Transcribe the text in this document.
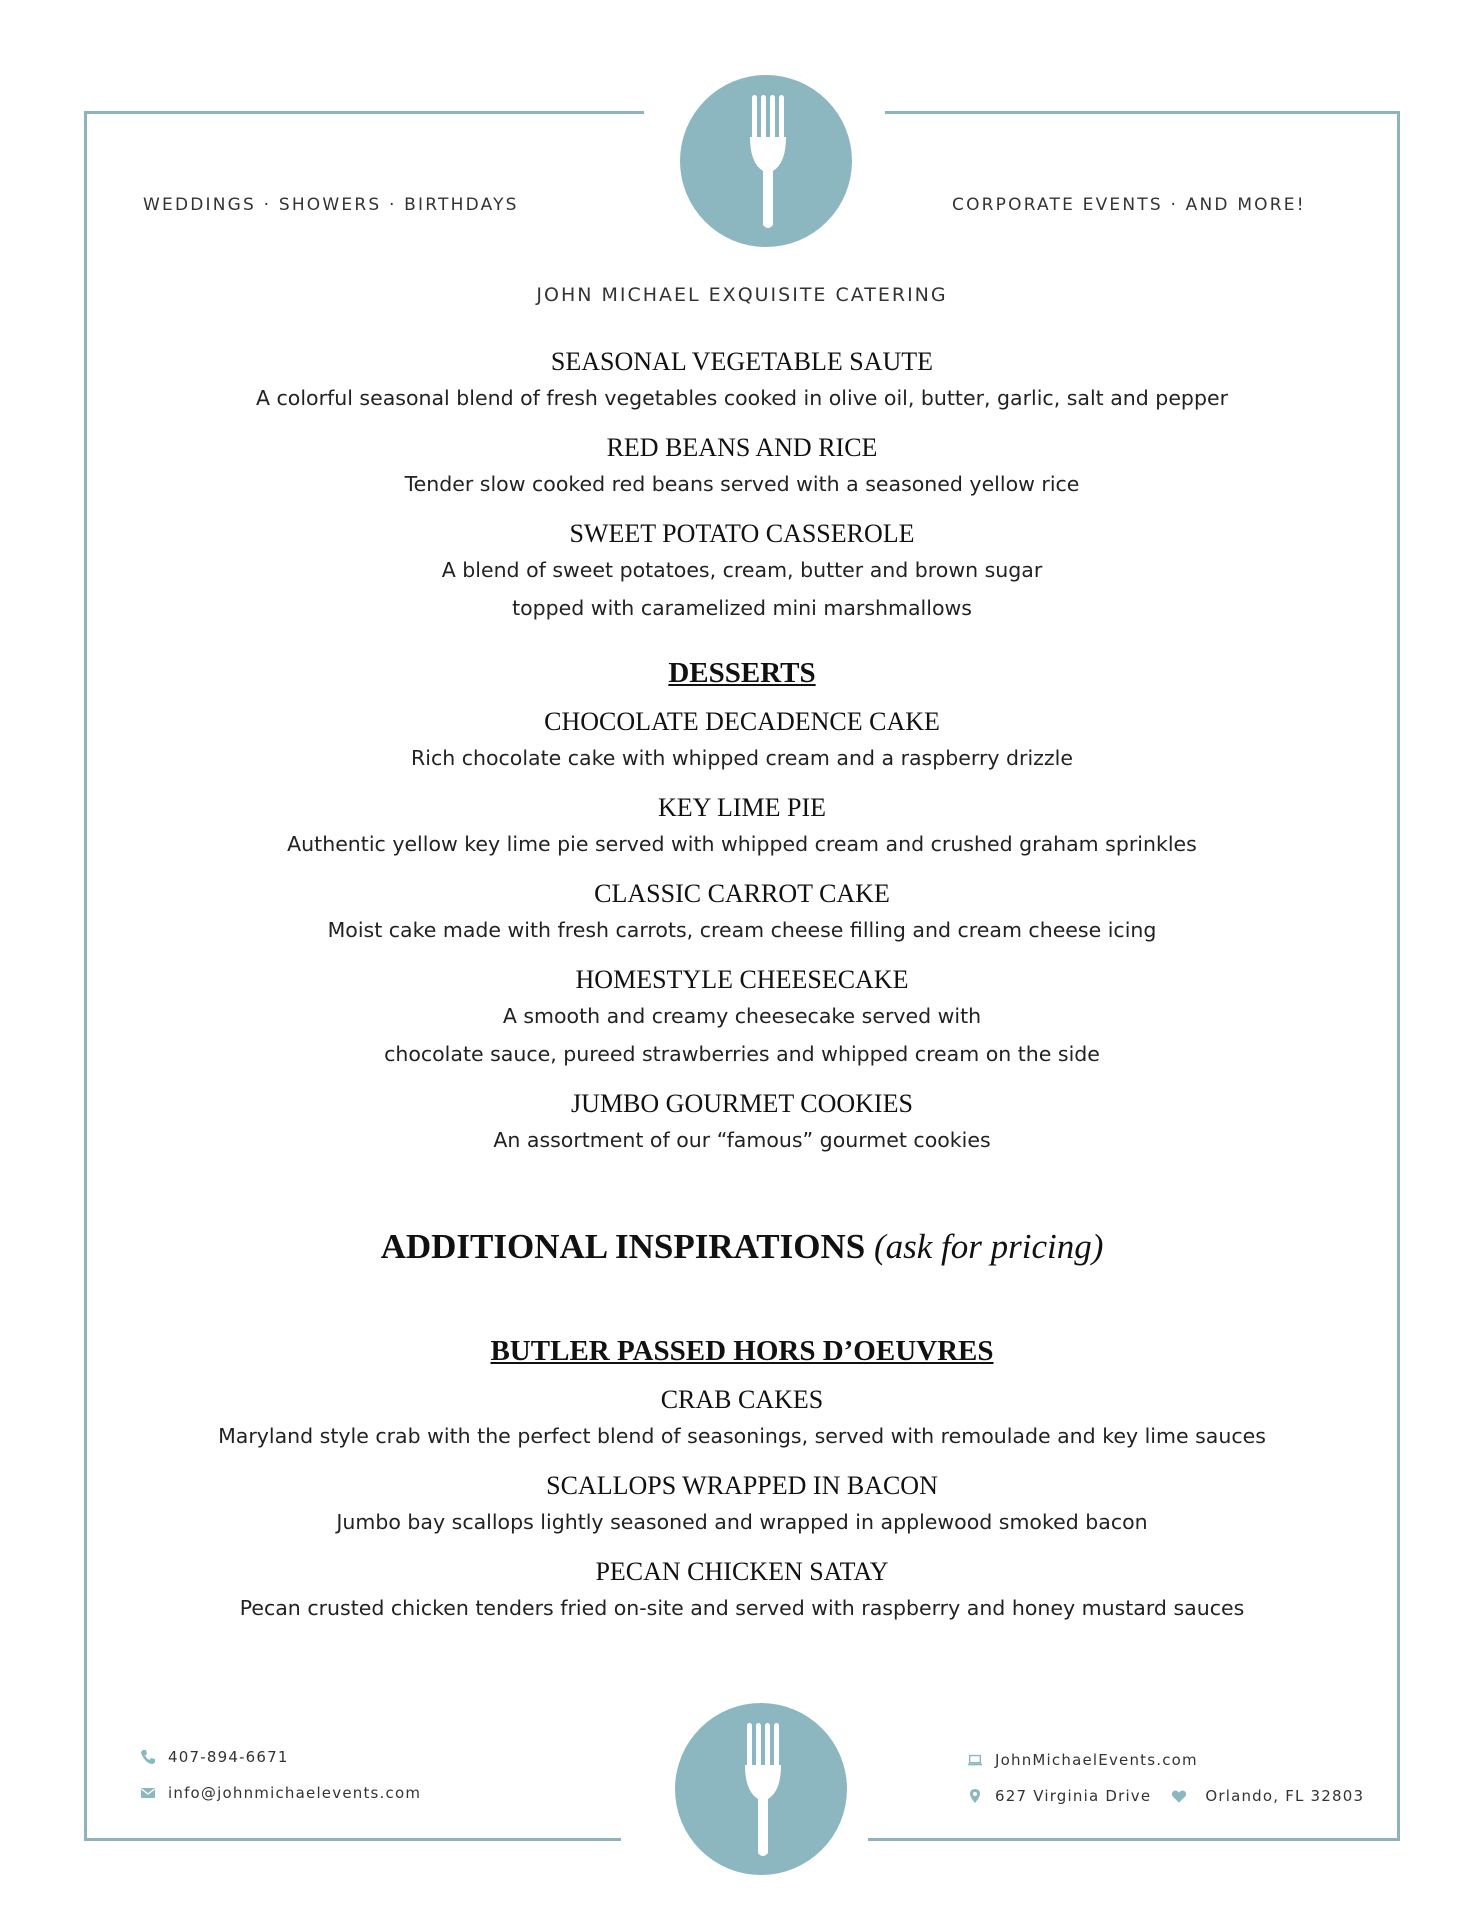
WEDDINGS · SHOWERS · BIRTHDAYS	CORPORATE EVENTS · AND MORE!
JOHN MICHAEL EXQUISITE CATERING
SEASONAL VEGETABLE SAUTE
A colorful seasonal blend of fresh vegetables cooked in olive oil, butter, garlic, salt and pepper
RED BEANS AND RICE
Tender slow cooked red beans served with a seasoned yellow rice
SWEET POTATO CASSEROLE
A blend of sweet potatoes, cream, butter and brown sugar
topped with caramelized mini marshmallows
DESSERTS
CHOCOLATE DECADENCE CAKE
Rich chocolate cake with whipped cream and a raspberry drizzle
KEY LIME PIE
Authentic yellow key lime pie served with whipped cream and crushed graham sprinkles
CLASSIC CARROT CAKE
Moist cake made with fresh carrots, cream cheese filling and cream cheese icing
HOMESTYLE CHEESECAKE
A smooth and creamy cheesecake served with
chocolate sauce, pureed strawberries and whipped cream on the side
JUMBO GOURMET COOKIES
An assortment of our “famous” gourmet cookies
ADDITIONAL INSPIRATIONS (ask for pricing)
BUTLER PASSED HORS D’OEUVRES
CRAB CAKES
Maryland style crab with the perfect blend of seasonings, served with remoulade and key lime sauces
SCALLOPS WRAPPED IN BACON
Jumbo bay scallops lightly seasoned and wrapped in applewood smoked bacon
PECAN CHICKEN SATAY
Pecan crusted chicken tenders fried on-site and served with raspberry and honey mustard sauces
407-894-6671
info@johnmichaelevents.com
JohnMichaelEvents.com
627 Virginia Drive	Orlando, FL 32803
